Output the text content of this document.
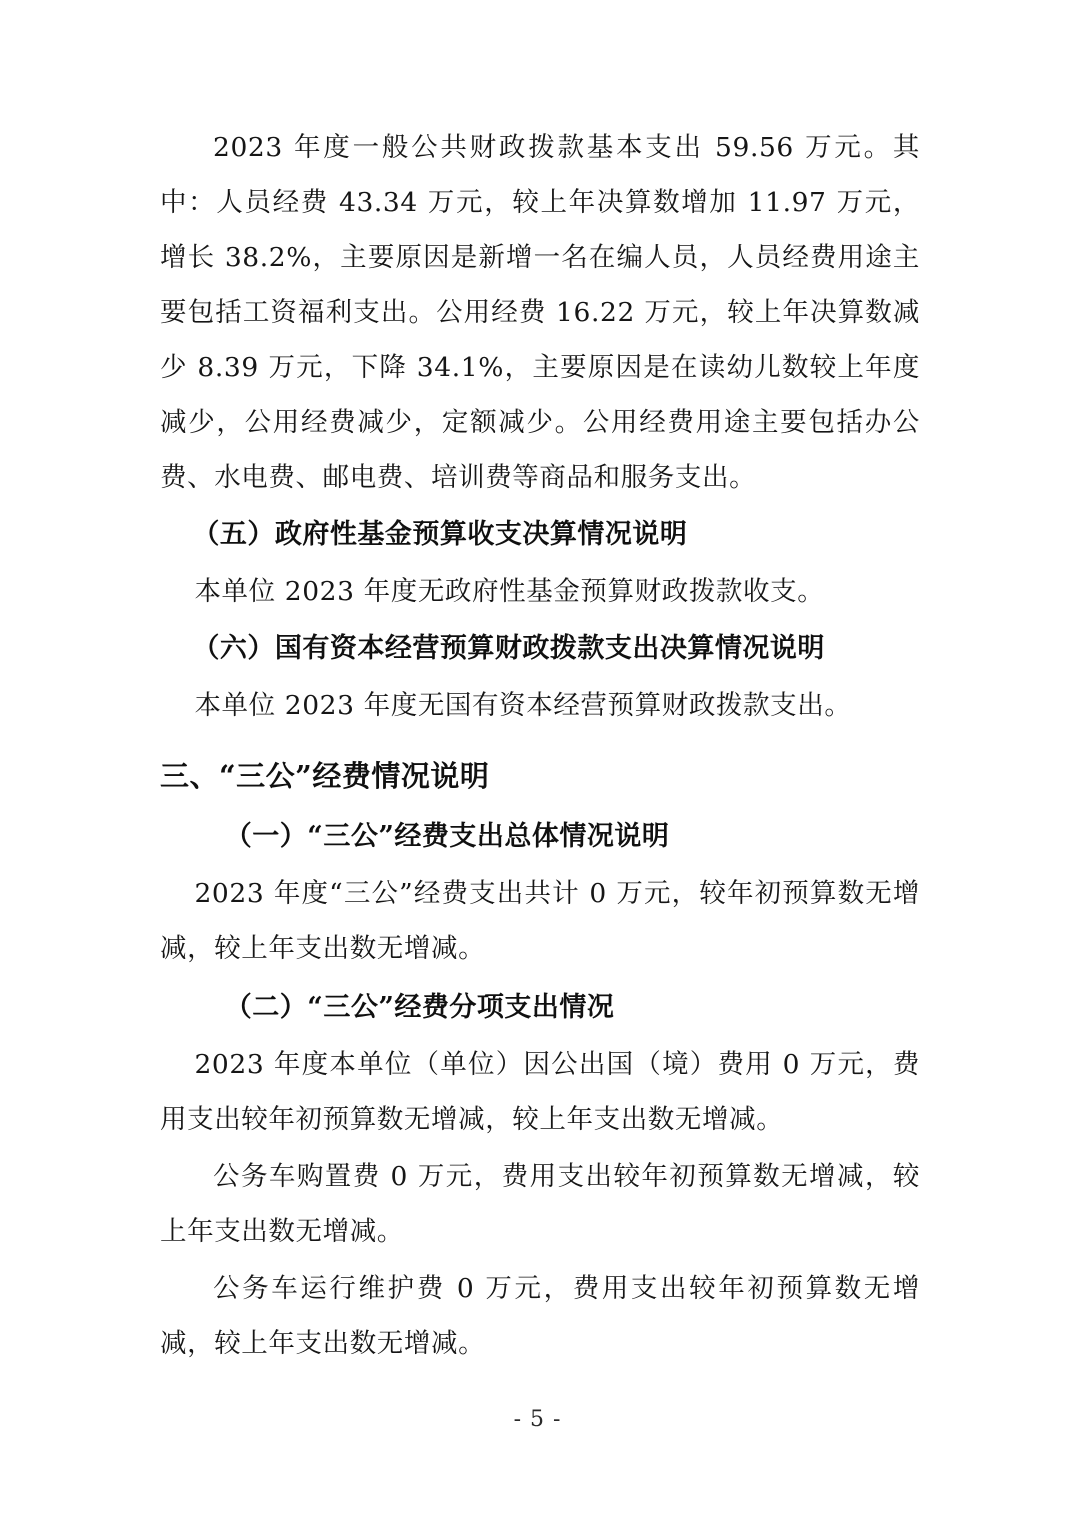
2023 年度一般公共财政拨款基本支出 59.56 万元。其中：人员经费 43.34 万元，较上年决算数增加 11.97 万元，增长 38.2%，主要原因是新增一名在编人员，人员经费用途主要包括工资福利支出。公用经费 16.22 万元，较上年决算数减少 8.39 万元，下降 34.1%，主要原因是在读幼儿数较上年度减少，公用经费减少，定额减少。公用经费用途主要包括办公费、水电费、邮电费、培训费等商品和服务支出。

（五）政府性基金预算收支决算情况说明

本单位 2023 年度无政府性基金预算财政拨款收支。

（六）国有资本经营预算财政拨款支出决算情况说明

本单位 2023 年度无国有资本经营预算财政拨款支出。

三、“三公”经费情况说明
（一）“三公”经费支出总体情况说明

2023 年度“三公”经费支出共计 0 万元，较年初预算数无增减，较上年支出数无增减。

（二）“三公”经费分项支出情况

2023 年度本单位（单位）因公出国（境）费用 0 万元，费用支出较年初预算数无增减，较上年支出数无增减。

公务车购置费 0 万元，费用支出较年初预算数无增减，较上年支出数无增减。

公务车运行维护费 0 万元，费用支出较年初预算数无增减，较上年支出数无增减。

- 5 -
